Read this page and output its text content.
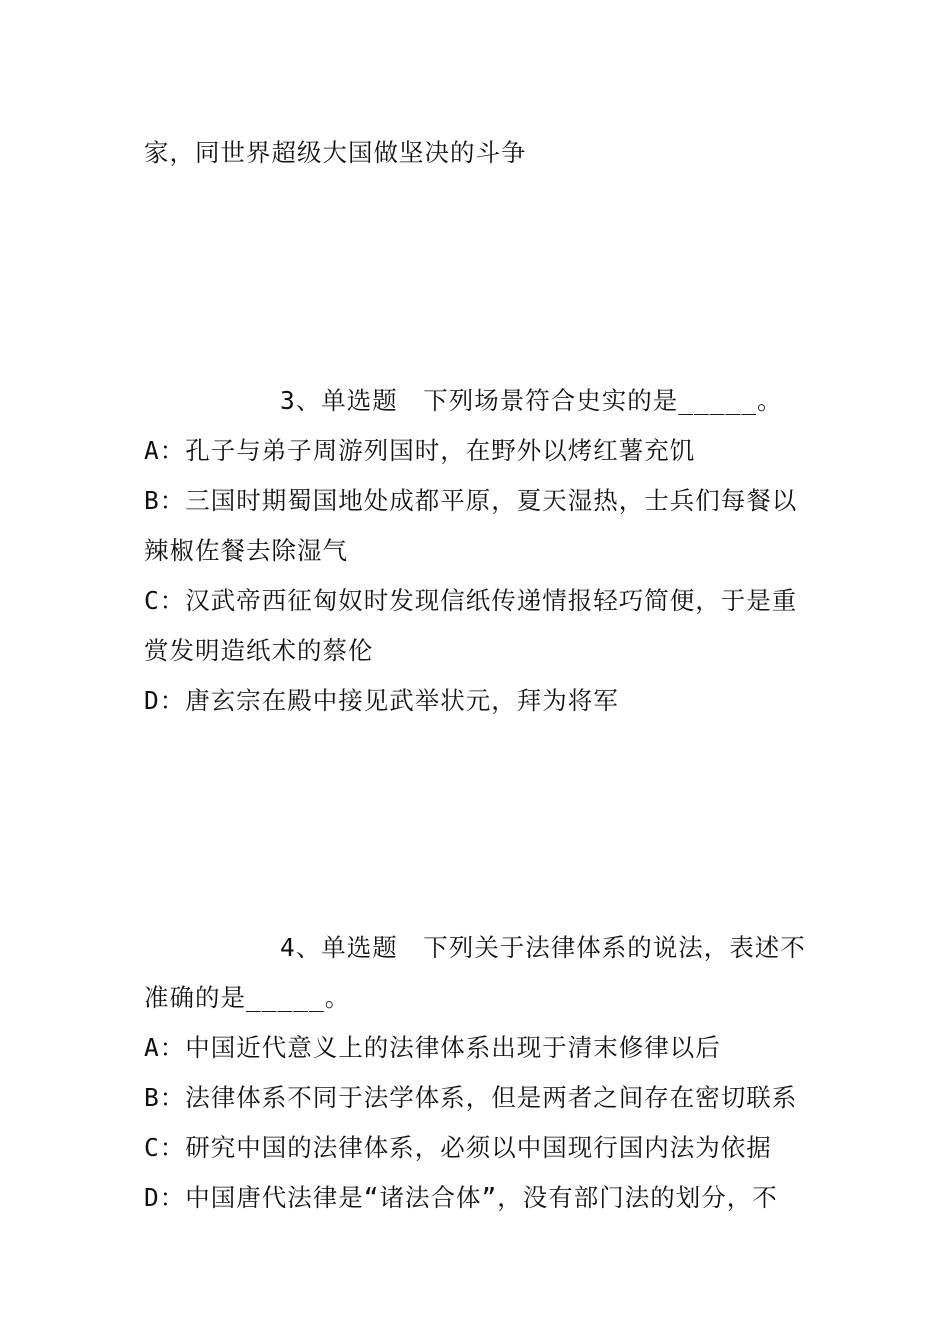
家，同世界超级大国做坚决的斗争
3、单选题　下列场景符合史实的是_____。
A：孔子与弟子周游列国时，在野外以烤红薯充饥
B：三国时期蜀国地处成都平原，夏天湿热，士兵们每餐以
辣椒佐餐去除湿气
C：汉武帝西征匈奴时发现信纸传递情报轻巧简便，于是重
赏发明造纸术的蔡伦
D：唐玄宗在殿中接见武举状元，拜为将军
4、单选题　下列关于法律体系的说法，表述不
准确的是_____。
A：中国近代意义上的法律体系出现于清末修律以后
B：法律体系不同于法学体系，但是两者之间存在密切联系
C：研究中国的法律体系，必须以中国现行国内法为依据
D：中国唐代法律是“诸法合体”，没有部门法的划分，不
